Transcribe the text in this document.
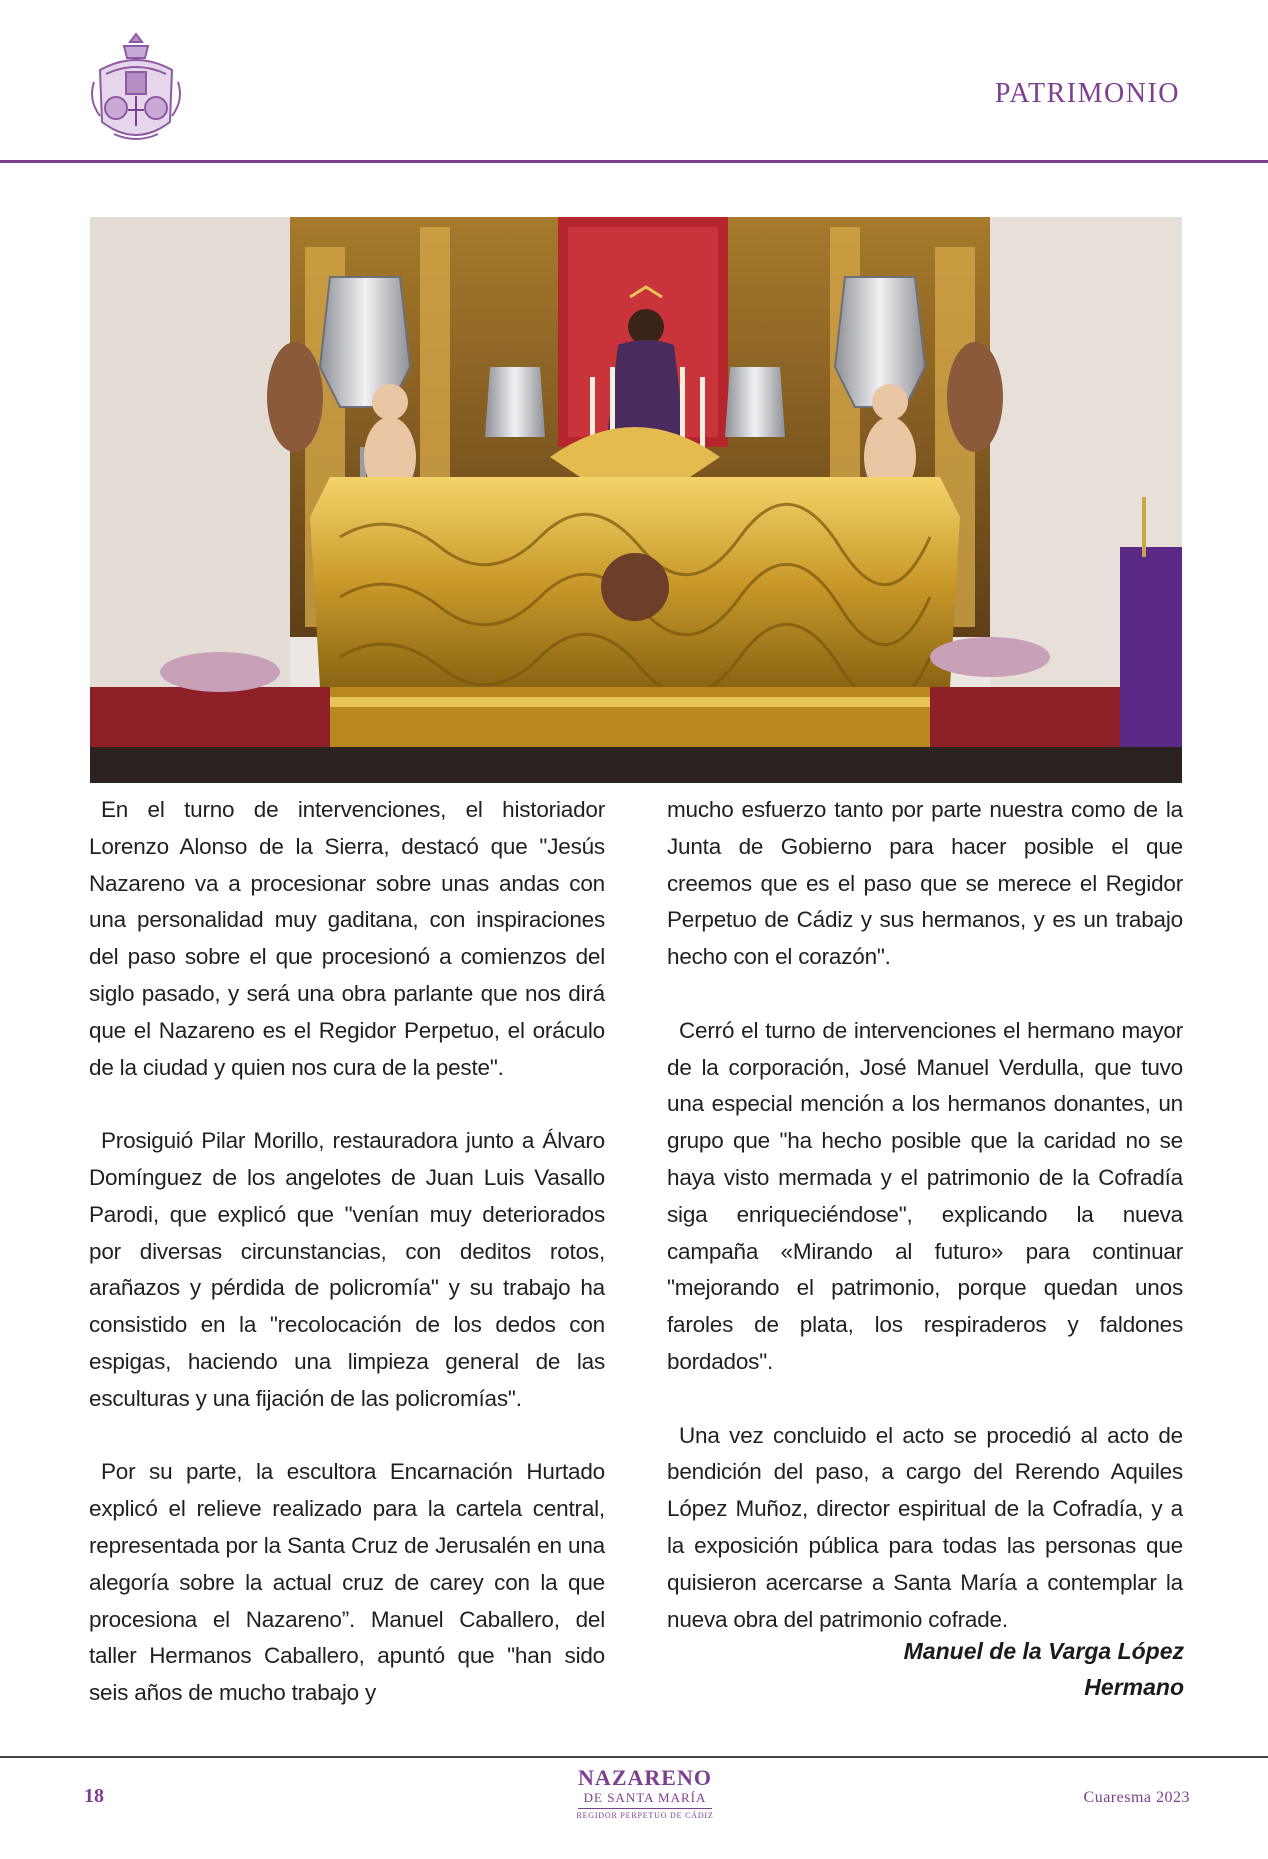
PATRIMONIO

En el turno de intervenciones, el historiador Lorenzo Alonso de la Sierra, destacó que "Jesús Nazareno va a procesionar sobre unas andas con una personalidad muy gaditana, con inspiraciones del paso sobre el que procesionó a comienzos del siglo pasado, y será una obra parlante que nos dirá que el Nazareno es el Regidor Perpetuo, el oráculo de la ciudad y quien nos cura de la peste".

Prosiguió Pilar Morillo, restauradora junto a Álvaro Domínguez de los angelotes de Juan Luis Vasallo Parodi, que explicó que "venían muy deteriorados por diversas circunstancias, con deditos rotos, arañazos y pérdida de policromía" y su trabajo ha consistido en la "recolocación de los dedos con espigas, haciendo una limpieza general de las esculturas y una fijación de las policromías".

Por su parte, la escultora Encarnación Hurtado explicó el relieve realizado para la cartela central, representada por la Santa Cruz de Jerusalén en una alegoría sobre la actual cruz de carey con la que procesiona el Nazareno”. Manuel Caballero, del taller Hermanos Caballero, apuntó que "han sido seis años de mucho trabajo y

mucho esfuerzo tanto por parte nuestra como de la Junta de Gobierno para hacer posible el que creemos que es el paso que se merece el Regidor Perpetuo de Cádiz y sus hermanos, y es un trabajo hecho con el corazón".

Cerró el turno de intervenciones el hermano mayor de la corporación, José Manuel Verdulla, que tuvo una especial mención a los hermanos donantes, un grupo que "ha hecho posible que la caridad no se haya visto mermada y el patrimonio de la Cofradía siga enriqueciéndose", explicando la nueva campaña «Mirando al futuro» para continuar "mejorando el patrimonio, porque quedan unos faroles de plata, los respiraderos y faldones bordados".

Una vez concluido el acto se procedió al acto de bendición del paso, a cargo del Rerendo Aquiles López Muñoz, director espiritual de la Cofradía, y a la exposición pública para todas las personas que quisieron acercarse a Santa María a contemplar la nueva obra del patrimonio cofrade.

Manuel de la Varga López
Hermano
18
NAZARENO
DE SANTA MARÍA
REGIDOR PERPETUO DE CÁDIZ
Cuaresma 2023
